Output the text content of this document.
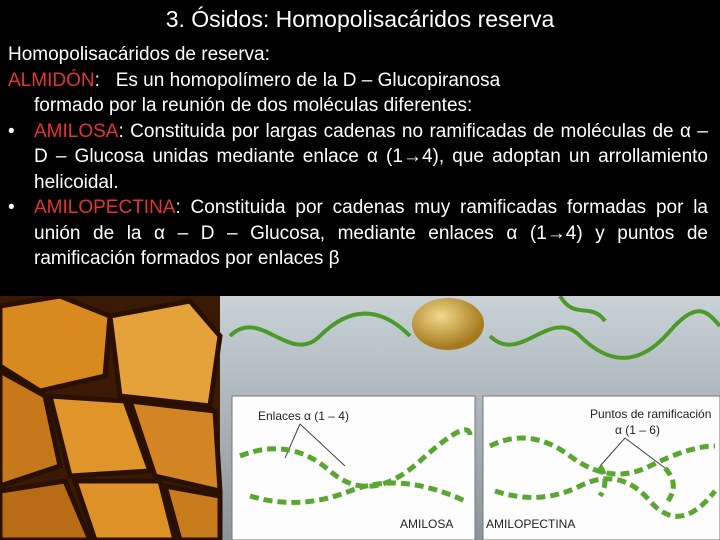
3. Ósidos: Homopolisacáridos reserva

Homopolisacáridos de reserva:

ALMIDÓN: Es un homopolímero de la D – Glucopiranosa

formado por la reunión de dos moléculas diferentes:

•	AMILOSA: Constituida por largas cadenas no ramificadas de moléculas de α – D – Glucosa unidas mediante enlace α (1→4), que adoptan un arrollamiento helicoidal.
•	AMILOPECTINA: Constituida por cadenas muy ramificadas formadas por la unión de la α – D – Glucosa, mediante enlaces α (1→4) y puntos de ramificación formados por enlaces β
Enlaces α (1 – 4)
AMILOSA
Puntos de ramificación
α (1 – 6)
AMILOPECTINA
